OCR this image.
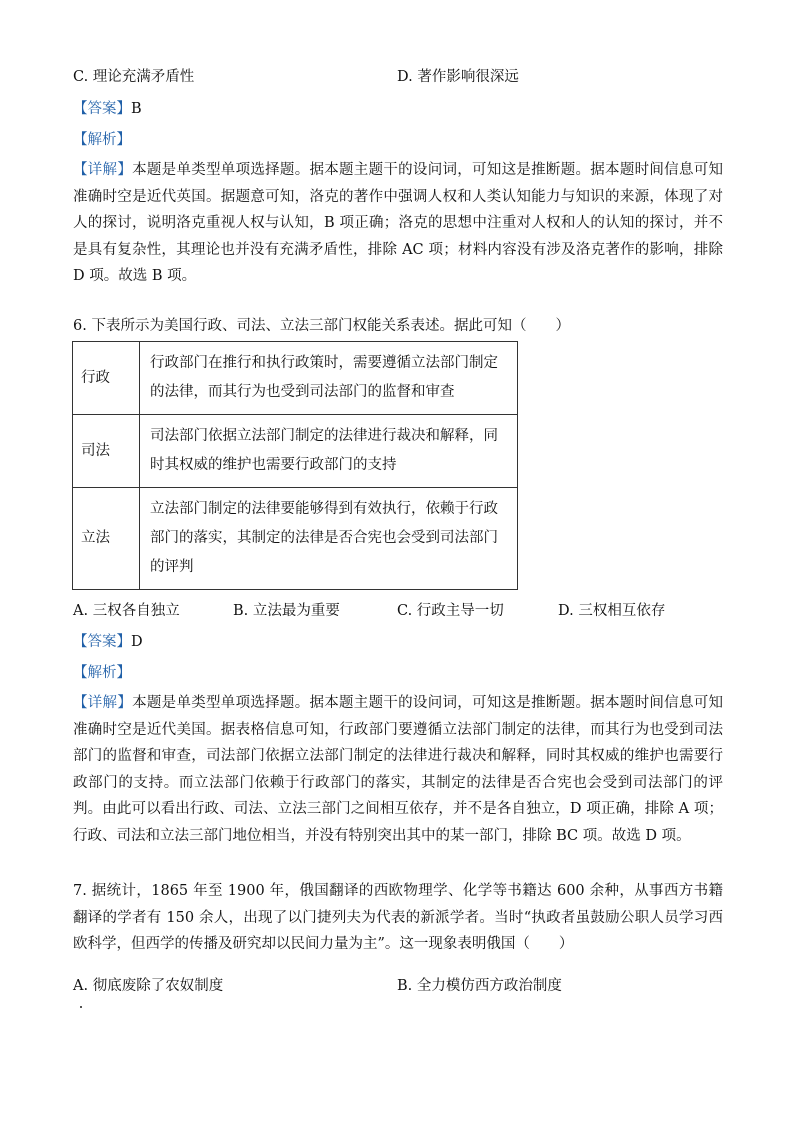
C. 理论充满矛盾性	D. 著作影响很深远
【答案】B
【解析】
【详解】本题是单类型单项选择题。据本题主题干的设问词，可知这是推断题。据本题时间信息可知准确时空是近代英国。据题意可知，洛克的著作中强调人权和人类认知能力与知识的来源，体现了对人的探讨，说明洛克重视人权与认知，B 项正确；洛克的思想中注重对人权和人的认知的探讨，并不是具有复杂性，其理论也并没有充满矛盾性，排除 AC 项；材料内容没有涉及洛克著作的影响，排除 D 项。故选 B 项。
6. 下表所示为美国行政、司法、立法三部门权能关系表述。据此可知（　　）
行政	行政部门在推行和执行政策时，需要遵循立法部门制定的法律，而其行为也受到司法部门的监督和审查
司法	司法部门依据立法部门制定的法律进行裁决和解释，同时其权威的维护也需要行政部门的支持
立法	立法部门制定的法律要能够得到有效执行，依赖于行政部门的落实，其制定的法律是否合宪也会受到司法部门的评判
A. 三权各自独立	B. 立法最为重要	C. 行政主导一切	D. 三权相互依存
【答案】D
【解析】
【详解】本题是单类型单项选择题。据本题主题干的设问词，可知这是推断题。据本题时间信息可知准确时空是近代美国。据表格信息可知，行政部门要遵循立法部门制定的法律，而其行为也受到司法部门的监督和审查，司法部门依据立法部门制定的法律进行裁决和解释，同时其权威的维护也需要行政部门的支持。而立法部门依赖于行政部门的落实，其制定的法律是否合宪也会受到司法部门的评判。由此可以看出行政、司法、立法三部门之间相互依存，并不是各自独立，D 项正确，排除 A 项；行政、司法和立法三部门地位相当，并没有特别突出其中的某一部门，排除 BC 项。故选 D 项。
7. 据统计，1865 年至 1900 年，俄国翻译的西欧物理学、化学等书籍达 600 余种，从事西方书籍翻译的学者有 150 余人，出现了以门捷列夫为代表的新派学者。当时“执政者虽鼓励公职人员学习西欧科学，但西学的传播及研究却以民间力量为主”。这一现象表明俄国（　　）
A. 彻底废除了农奴制度	B. 全力模仿西方政治制度
